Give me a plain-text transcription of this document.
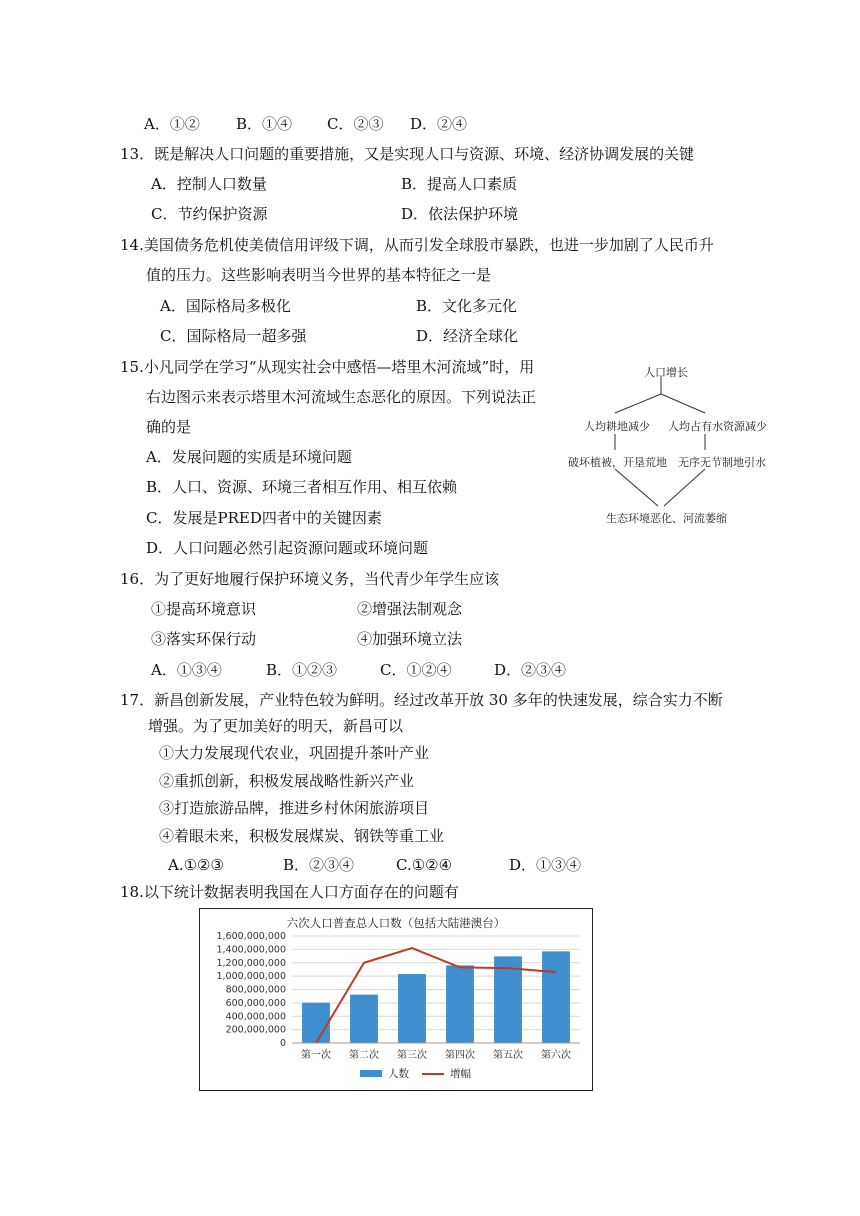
A．①② B．①④ C．②③ D．②④
13．既是解决人口问题的重要措施，又是实现人口与资源、环境、经济协调发展的关键
A．控制人口数量	B．提高人口素质
C．节约保护资源	D．依法保护环境
14.美国债务危机使美债信用评级下调，从而引发全球股市暴跌，也进一步加剧了人民币升
值的压力。这些影响表明当今世界的基本特征之一是
A．国际格局多极化	B．文化多元化
C．国际格局一超多强	D．经济全球化
15.小凡同学在学习“从现实社会中感悟—塔里木河流域”时，用
右边图示来表示塔里木河流域生态恶化的原因。下列说法正
确的是
A．发展问题的实质是环境问题
B．人口、资源、环境三者相互作用、相互依赖
C．发展是PRED四者中的关键因素
D．人口问题必然引起资源问题或环境问题
人口增长
人均耕地减少 人均占有水资源减少
破坏植被，开垦荒地 无序无节制地引水
生态环境恶化、河流萎缩
16．为了更好地履行保护环境义务，当代青少年学生应该
①提高环境意识	②增强法制观念
③落实环保行动	④加强环境立法
A．①③④	B．①②③	C．①②④	D．②③④
17．新昌创新发展，产业特色较为鲜明。经过改革开放 30 多年的快速发展，综合实力不断
增强。为了更加美好的明天，新昌可以
①大力发展现代农业，巩固提升茶叶产业
②重抓创新，积极发展战略性新兴产业
③打造旅游品牌，推进乡村休闲旅游项目
④着眼未来，积极发展煤炭、钢铁等重工业
A.①②③	B．②③④	C.①②④	D．①③④
18.以下统计数据表明我国在人口方面存在的问题有
六次人口普查总人口数（包括大陆港澳台）
1,600,000,000
1,400,000,000
1,200,000,000
1,000,000,000
800,000,000
600,000,000
400,000,000
200,000,000
0
第一次 第二次 第三次 第四次 第五次 第六次
人数	增幅
